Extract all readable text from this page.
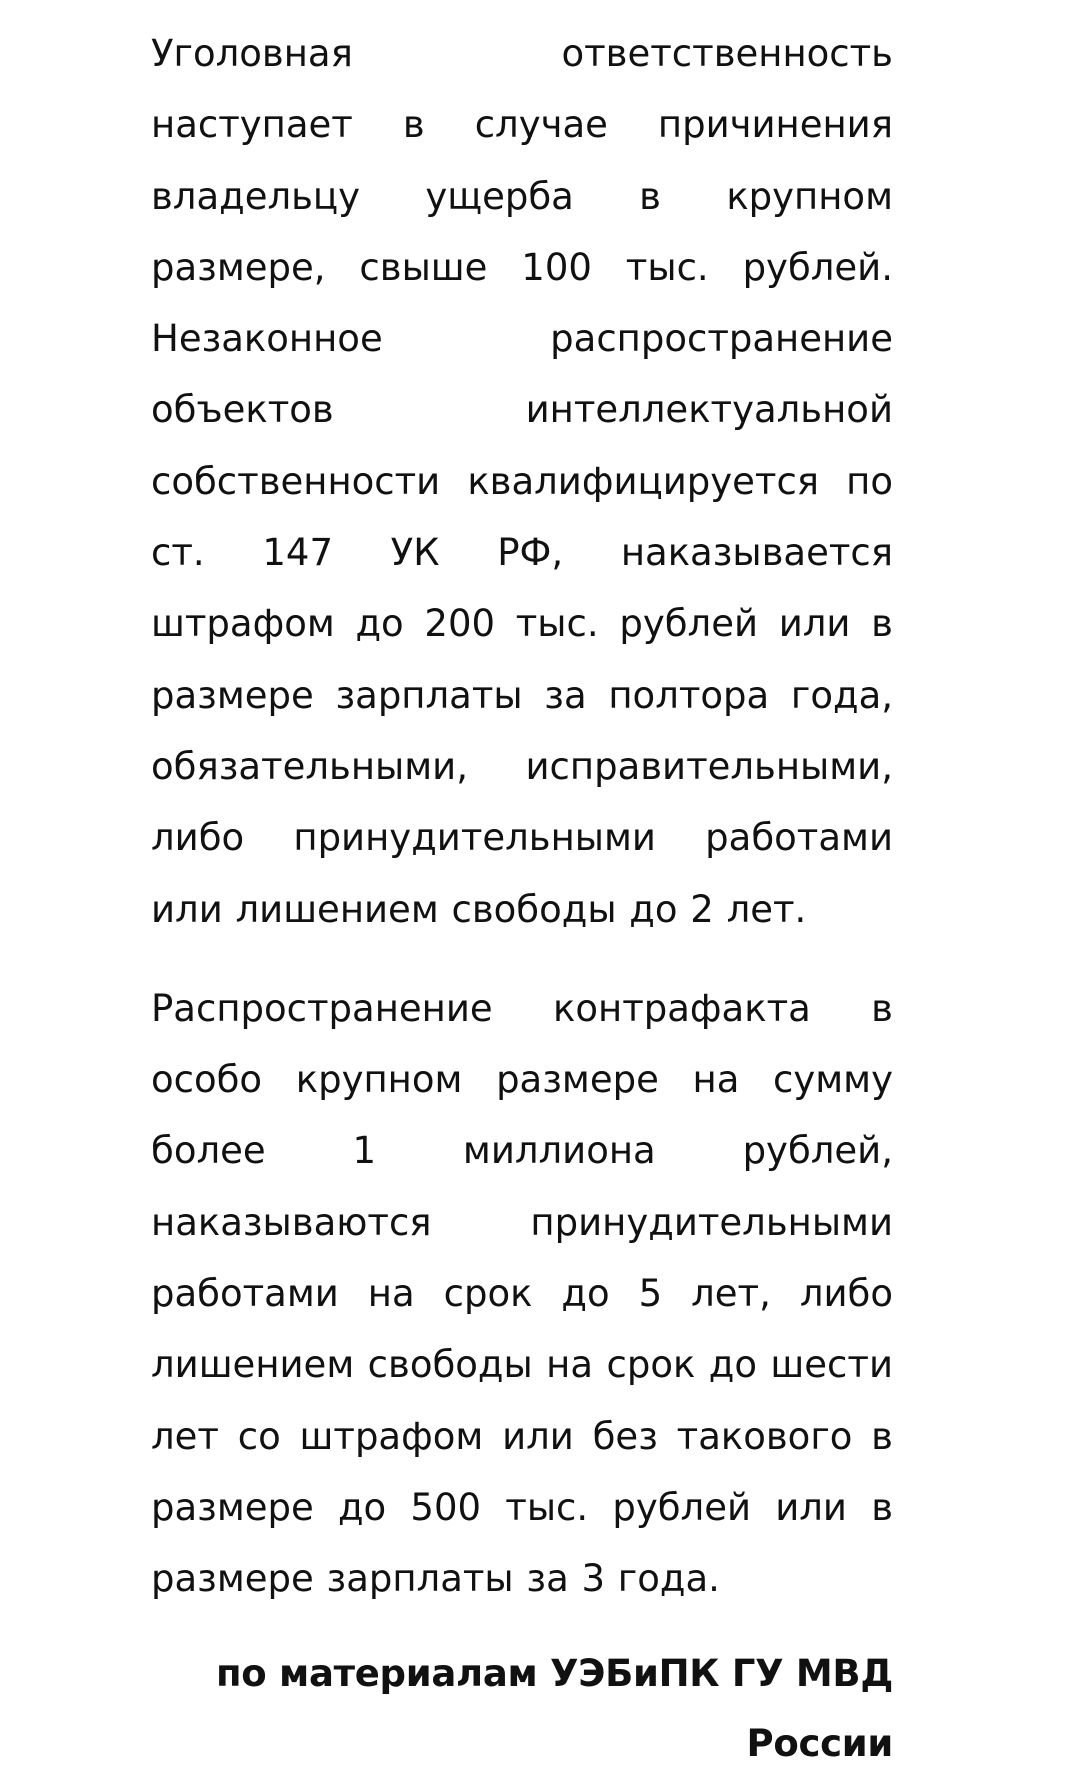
Уголовная ответственность наступает в случае причинения владельцу ущерба в крупном размере, свыше 100 тыс. рублей. Незаконное распространение объектов интеллектуальной собственности квалифицируется по ст. 147 УК РФ, наказывается штрафом до 200 тыс. рублей или в размере зарплаты за полтора года, обязательными, исправительными, либо принудительными работами или лишением свободы до 2 лет.

Распространение контрафакта в особо крупном размере на сумму более 1 миллиона рублей, наказываются принудительными работами на срок до 5 лет, либо лишением свободы на срок до шести лет со штрафом или без такового в размере до 500 тыс. рублей или в размере зарплаты за 3 года.

по материалам УЭБиПК ГУ МВД России
